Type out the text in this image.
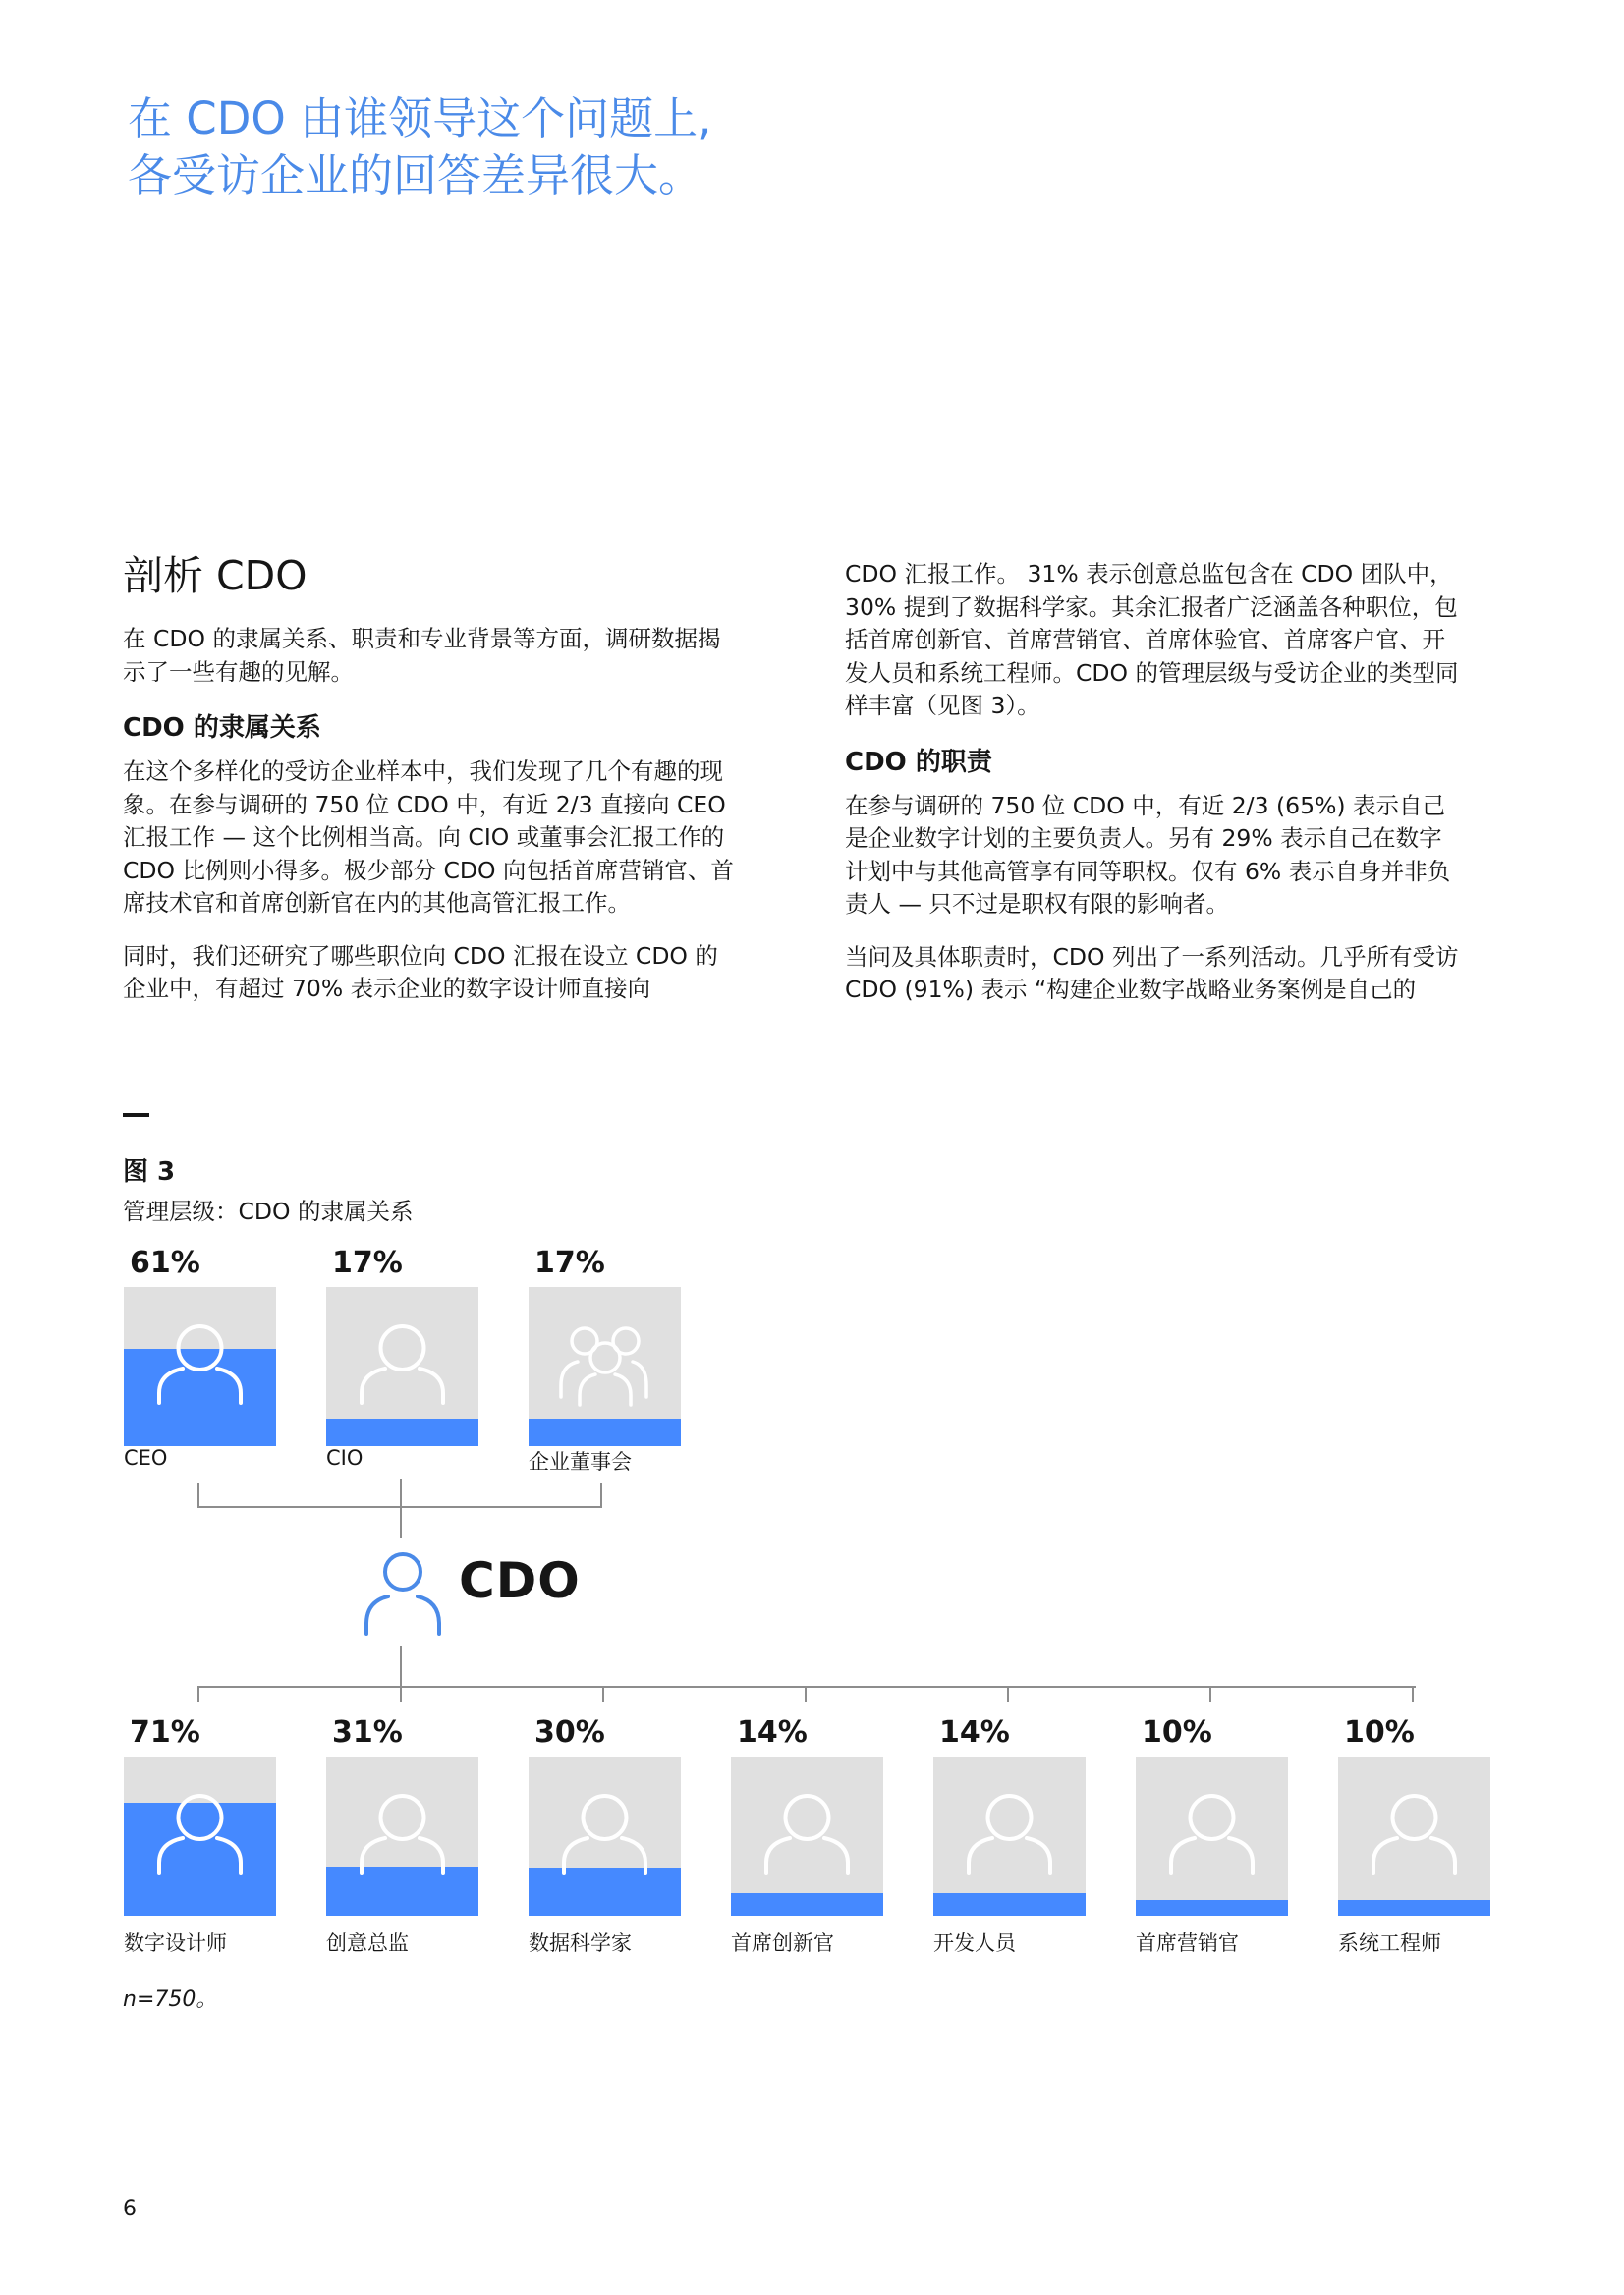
在 CDO 由谁领导这个问题上,
各受访企业的回答差异很大。
剖析 CDO

在 CDO 的隶属关系、职责和专业背景等方面，调研数据揭示了一些有趣的见解。

CDO 的隶属关系

在这个多样化的受访企业样本中，我们发现了几个有趣的现象。在参与调研的 750 位 CDO 中，有近 2/3 直接向 CEO 汇报工作 — 这个比例相当高。向 CIO 或董事会汇报工作的 CDO 比例则小得多。极少部分 CDO 向包括首席营销官、首席技术官和首席创新官在内的其他高管汇报工作。

同时，我们还研究了哪些职位向 CDO 汇报在设立 CDO 的企业中，有超过 70% 表示企业的数字设计师直接向

CDO 汇报工作。 31% 表示创意总监包含在 CDO 团队中，30% 提到了数据科学家。其余汇报者广泛涵盖各种职位，包括首席创新官、首席营销官、首席体验官、首席客户官、开发人员和系统工程师。CDO 的管理层级与受访企业的类型同样丰富（见图 3）。

CDO 的职责

在参与调研的 750 位 CDO 中，有近 2/3 (65%) 表示自己是企业数字计划的主要负责人。另有 29% 表示自己在数字计划中与其他高管享有同等职权。仅有 6% 表示自身并非负责人 — 只不过是职权有限的影响者。

当问及具体职责时，CDO 列出了一系列活动。几乎所有受访 CDO (91%) 表示 “构建企业数字战略业务案例是自己的

图 3
管理层级：CDO 的隶属关系
61%
CEO
17%
CIO
17%
企业董事会
71%
数字设计师
31%
创意总监
30%
数据科学家
14%
首席创新官
14%
开发人员
10%
首席营销官
10%
系统工程师
CDO
n=750。
6
